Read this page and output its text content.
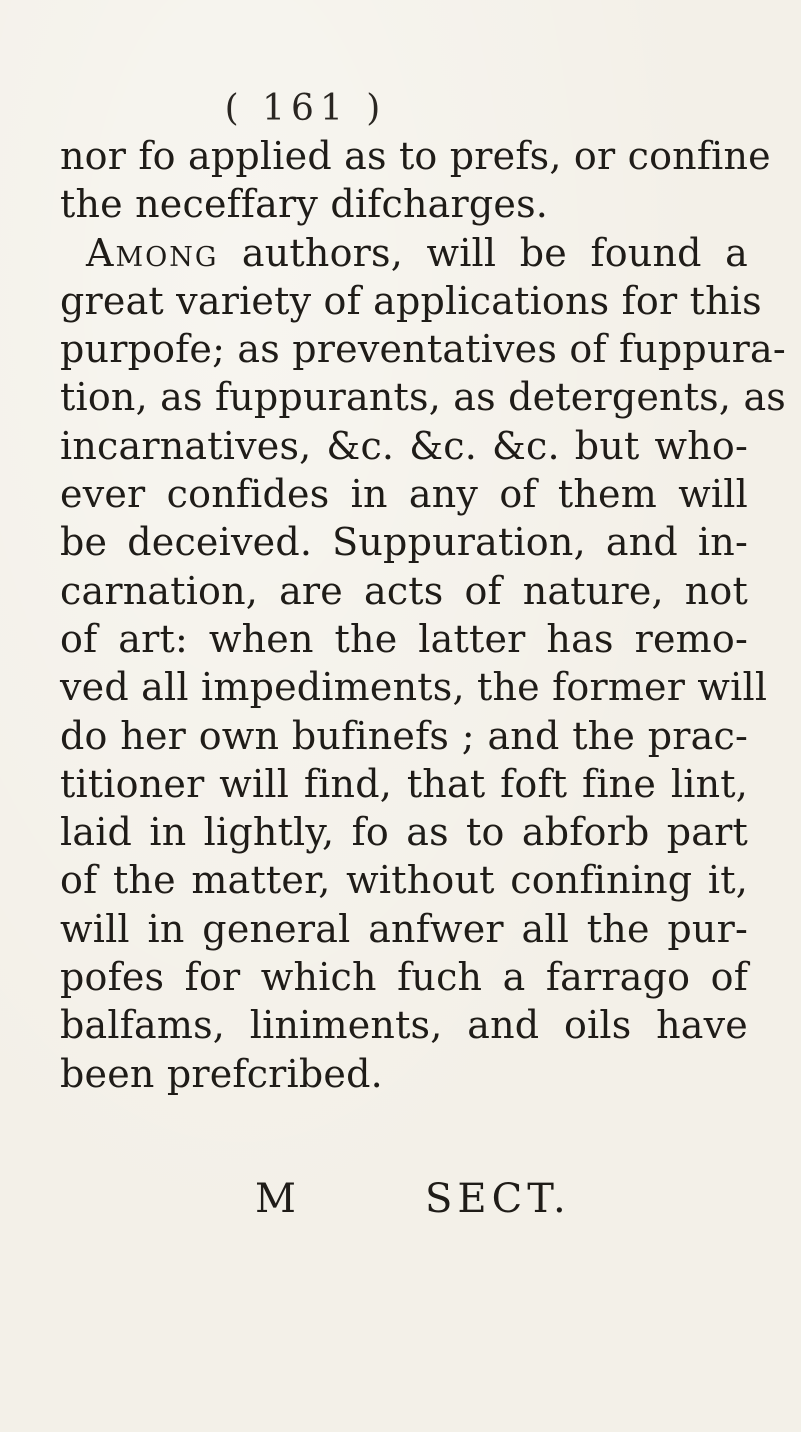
( 161 )
nor fo applied as to prefs, or confine
the neceffary difcharges.
Among authors, will be found a
great variety of applications for this
purpofe; as preventatives of fuppura-
tion, as fuppurants, as detergents, as
incarnatives, &c. &c. &c. but who-
ever confides in any of them will
be deceived. Suppuration, and in-
carnation, are acts of nature, not
of art: when the latter has remo-
ved all impediments, the former will
do her own bufinefs ; and the prac-
titioner will find, that foft fine lint,
laid in lightly, fo as to abforb part
of the matter, without confining it,
will in general anfwer all the pur-
pofes for which fuch a farrago of
balfams, liniments, and oils have
been prefcribed.
M	SECT.
